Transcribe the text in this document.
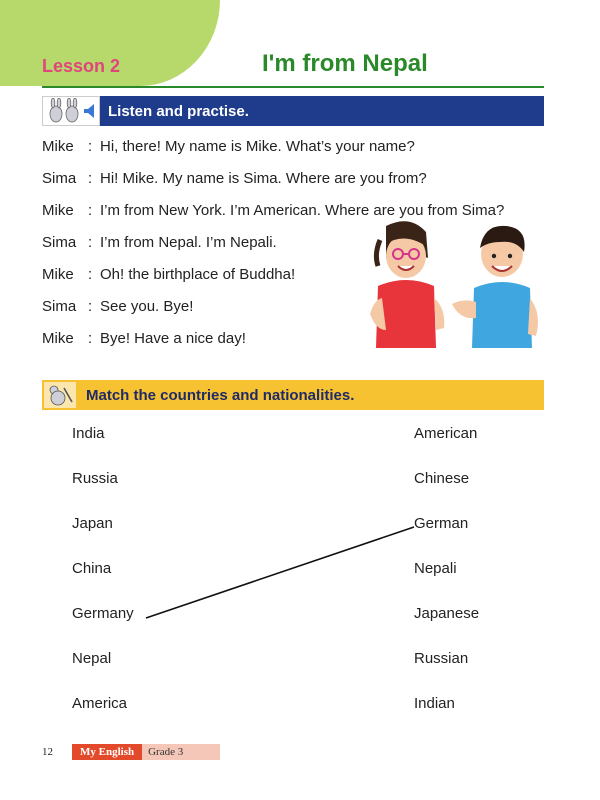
Lesson 2	I'm from Nepal
Listen and practise.
Mike : Hi, there! My name is Mike. What’s your name?
Sima : Hi! Mike. My name is Sima. Where are you from?
Mike : I’m from New York. I’m American. Where are you from Sima?
Sima : I’m from Nepal. I’m Nepali.
Mike : Oh! the birthplace of Buddha!
Sima : See you. Bye!
Mike : Bye! Have a nice day!
Match the countries and nationalities.
India
Russia
Japan
China
Germany
Nepal
America
American
Chinese
German
Nepali
Japanese
Russian
Indian
12	My English	Grade 3
